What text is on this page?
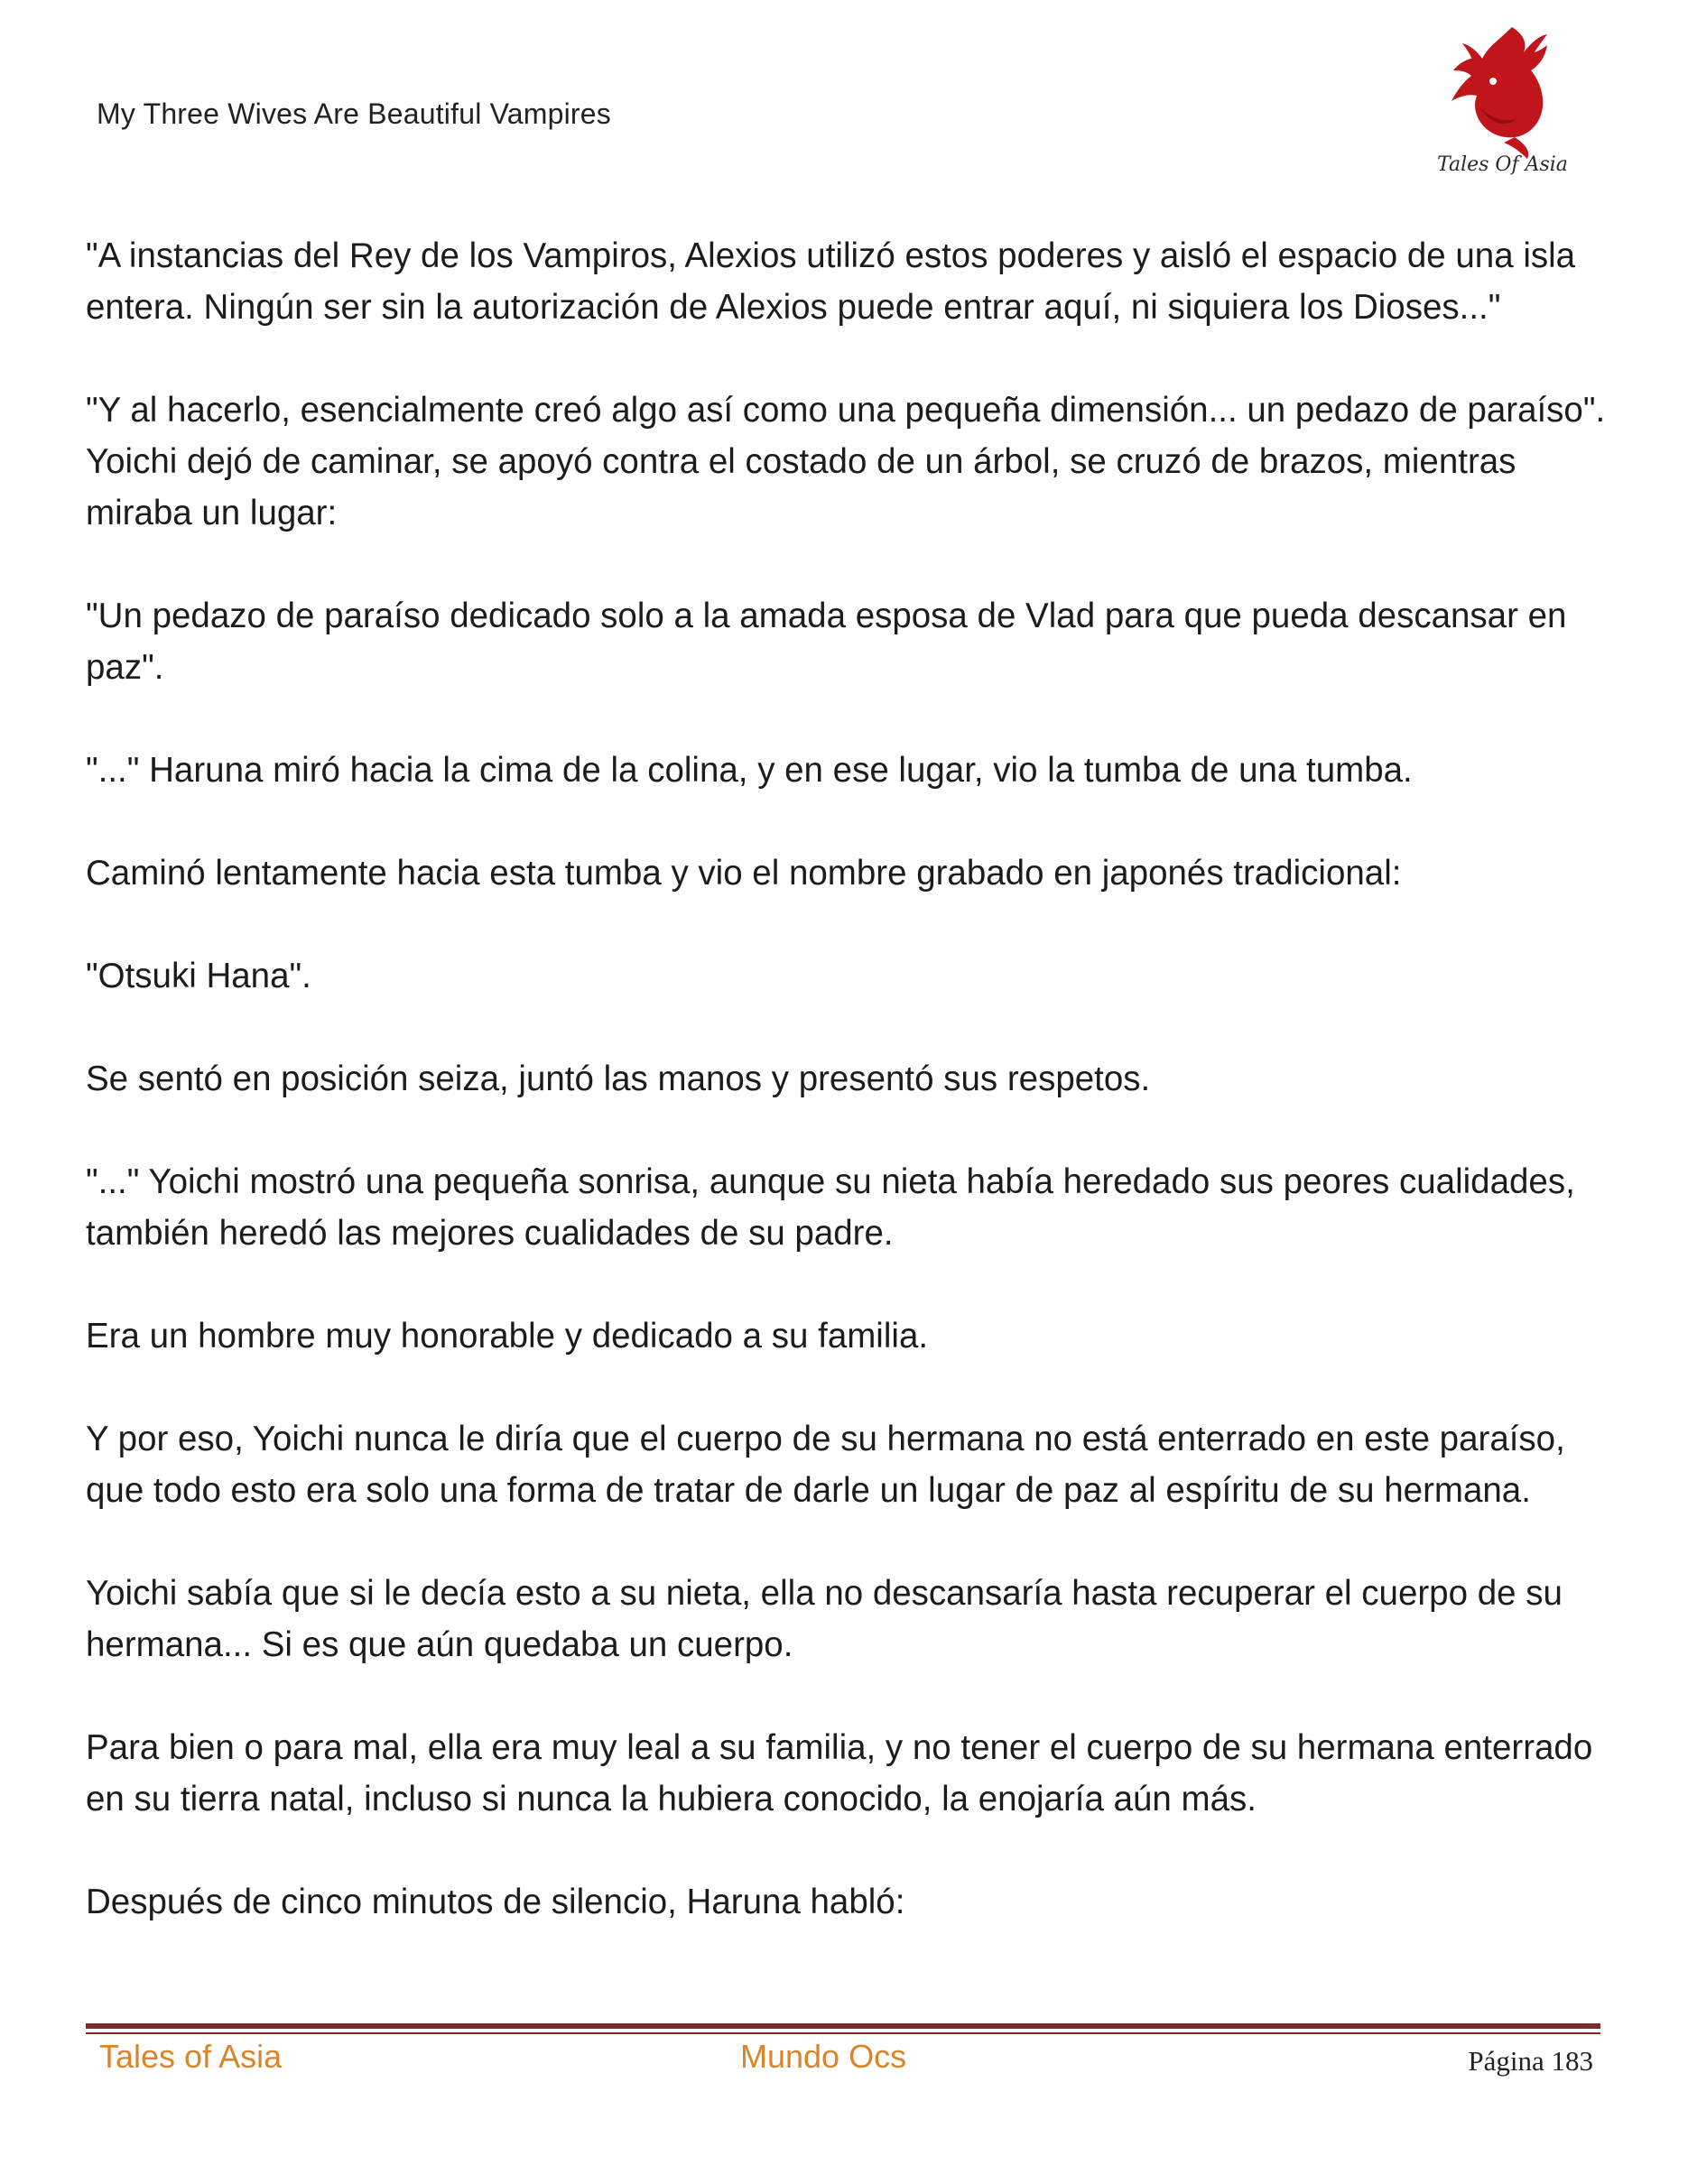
My Three Wives Are Beautiful Vampires
Tales Of Asia

"A instancias del Rey de los Vampiros, Alexios utilizó estos poderes y aisló el espacio de una isla entera. Ningún ser sin la autorización de Alexios puede entrar aquí, ni siquiera los Dioses..."

"Y al hacerlo, esencialmente creó algo así como una pequeña dimensión... un pedazo de paraíso". Yoichi dejó de caminar, se apoyó contra el costado de un árbol, se cruzó de brazos, mientras miraba un lugar:

"Un pedazo de paraíso dedicado solo a la amada esposa de Vlad para que pueda descansar en paz".

"..." Haruna miró hacia la cima de la colina, y en ese lugar, vio la tumba de una tumba.

Caminó lentamente hacia esta tumba y vio el nombre grabado en japonés tradicional:

"Otsuki Hana".

Se sentó en posición seiza, juntó las manos y presentó sus respetos.

"..." Yoichi mostró una pequeña sonrisa, aunque su nieta había heredado sus peores cualidades, también heredó las mejores cualidades de su padre.

Era un hombre muy honorable y dedicado a su familia.

Y por eso, Yoichi nunca le diría que el cuerpo de su hermana no está enterrado en este paraíso, que todo esto era solo una forma de tratar de darle un lugar de paz al espíritu de su hermana.

Yoichi sabía que si le decía esto a su nieta, ella no descansaría hasta recuperar el cuerpo de su hermana... Si es que aún quedaba un cuerpo.

Para bien o para mal, ella era muy leal a su familia, y no tener el cuerpo de su hermana enterrado en su tierra natal, incluso si nunca la hubiera conocido, la enojaría aún más.

Después de cinco minutos de silencio, Haruna habló:

Tales of Asia	Mundo Ocs	Página 183
